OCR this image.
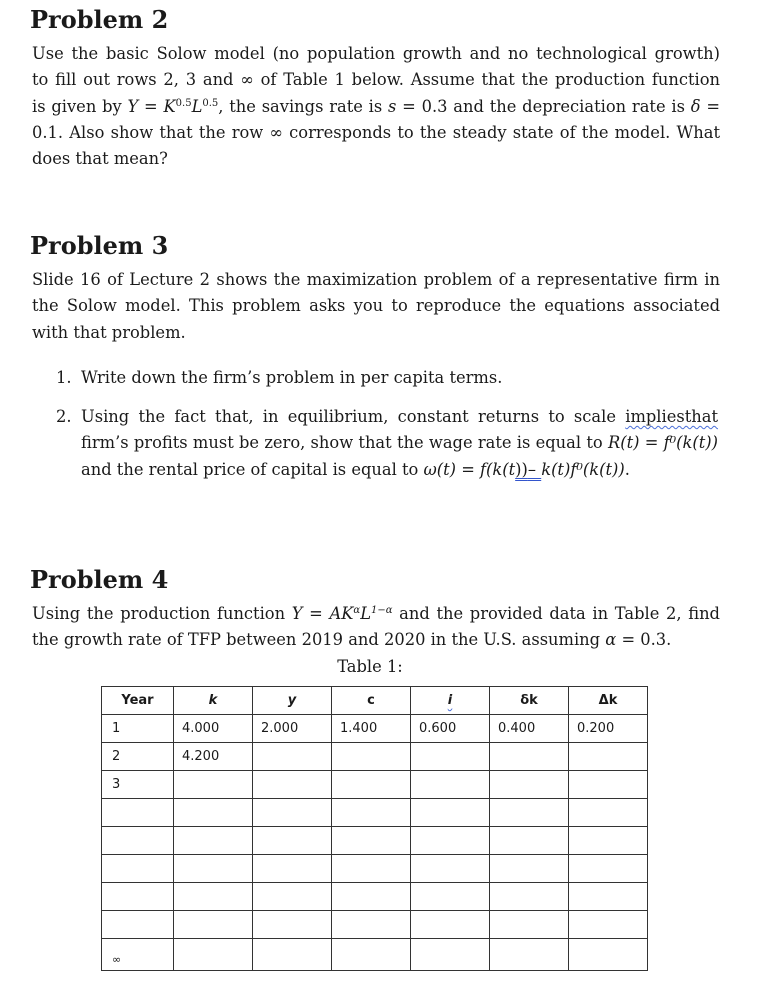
Problem 2
Use the basic Solow model (no population growth and no technological growth)
to fill out rows 2, 3 and ∞ of Table 1 below. Assume that the production function
is given by $Y = K^{0.5}L^{0.5}$, the savings rate is s = 0.3 and the depreciation rate is δ =
0.1. Also show that the row ∞ corresponds to the steady state of the model. What
does that mean?
Problem 3
Slide 16 of Lecture 2 shows the maximization problem of a representative firm in
the Solow model. This problem asks you to reproduce the equations associated
with that problem.
1. Write down the firm’s problem in per capita terms.
2. Using the fact that, in equilibrium, constant returns to scale impliesthat
firm’s profits must be zero, show that the wage rate is equal to R(t) = f⁰(k(t))
and the rental price of capital is equal to ω(t) = f(k(t))– k(t)f⁰(k(t)).
Problem 4
Using the production function $Y = AK^\alpha L^{1-\alpha}$ and the provided data in Table 2, find
the growth rate of TFP between 2019 and 2020 in the U.S. assuming α = 0.3.
Table 1:
Year	k	y	c	i	δk	Δk
1	4.000	2.000	1.400	0.600	0.400	0.200
2	4.200					
3						

∞						
